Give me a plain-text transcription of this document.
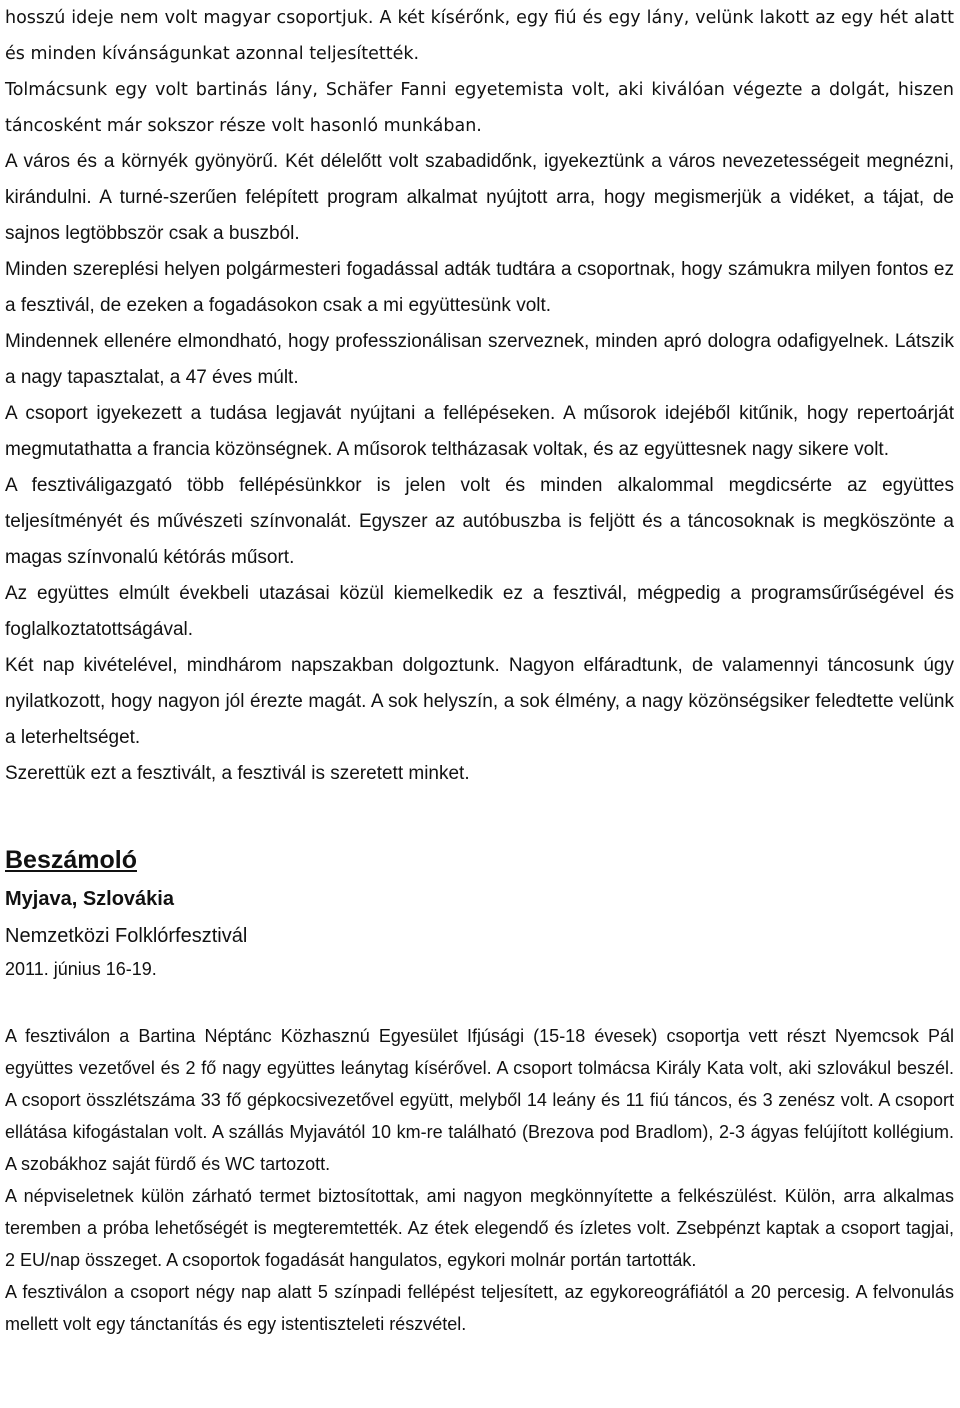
hosszú ideje nem volt magyar csoportjuk. A két kísérőnk, egy fiú és egy lány, velünk lakott az egy hét alatt és minden kívánságunkat azonnal teljesítették.

Tolmácsunk egy volt bartinás lány, Schäfer Fanni egyetemista volt, aki kiválóan végezte a dolgát, hiszen táncosként már sokszor része volt hasonló munkában.

A város és a környék gyönyörű. Két délelőtt volt szabadidőnk, igyekeztünk a város nevezetességeit megnézni, kirándulni. A turné-szerűen felépített program alkalmat nyújtott arra, hogy megismerjük a vidéket, a tájat, de sajnos legtöbbször csak a buszból.

Minden szereplési helyen polgármesteri fogadással adták tudtára a csoportnak, hogy számukra milyen fontos ez a fesztivál, de ezeken a fogadásokon csak a mi együttesünk volt.

Mindennek ellenére elmondható, hogy professzionálisan szerveznek, minden apró dologra odafigyelnek. Látszik a nagy tapasztalat, a 47 éves múlt.

A csoport igyekezett a tudása legjavát nyújtani a fellépéseken. A műsorok idejéből kitűnik, hogy repertoárját megmutathatta a francia közönségnek. A műsorok teltházasak voltak, és az együttesnek nagy sikere volt.

A fesztiváligazgató több fellépésünkkor is jelen volt és minden alkalommal megdicsérte az együttes teljesítményét és művészeti színvonalát. Egyszer az autóbuszba is feljött és a táncosoknak is megköszönte a magas színvonalú kétórás műsort.

Az együttes elmúlt évekbeli utazásai közül kiemelkedik ez a fesztivál, mégpedig a programsűrűségével és foglalkoztatottságával.

Két nap kivételével, mindhárom napszakban dolgoztunk. Nagyon elfáradtunk, de valamennyi táncosunk úgy nyilatkozott, hogy nagyon jól érezte magát. A sok helyszín, a sok élmény, a nagy közönségsiker feledtette velünk a leterheltséget.

Szerettük ezt a fesztivált, a fesztivál is szeretett minket.

Beszámoló
Myjava, Szlovákia
Nemzetközi Folklórfesztivál
2011. június 16-19.

A fesztiválon a Bartina Néptánc Közhasznú Egyesület Ifjúsági (15-18 évesek) csoportja vett részt Nyemcsok Pál együttes vezetővel és 2 fő nagy együttes leánytag kísérővel. A csoport tolmácsa Király Kata volt, aki szlovákul beszél. A csoport összlétszáma 33 fő gépkocsivezetővel együtt, melyből 14 leány és 11 fiú táncos, és 3 zenész volt. A csoport ellátása kifogástalan volt. A szállás Myjavától 10 km-re található (Brezova pod Bradlom), 2-3 ágyas felújított kollégium. A szobákhoz saját fürdő és WC tartozott.

A népviseletnek külön zárható termet biztosítottak, ami nagyon megkönnyítette a felkészülést. Külön, arra alkalmas teremben a próba lehetőségét is megteremtették. Az étek elegendő és ízletes volt. Zsebpénzt kaptak a csoport tagjai, 2 EU/nap összeget. A csoportok fogadását hangulatos, egykori molnár portán tartották.

A fesztiválon a csoport négy nap alatt 5 színpadi fellépést teljesített, az egykoreográfiától a 20 percesig. A felvonulás mellett volt egy tánctanítás és egy istentiszteleti részvétel.
